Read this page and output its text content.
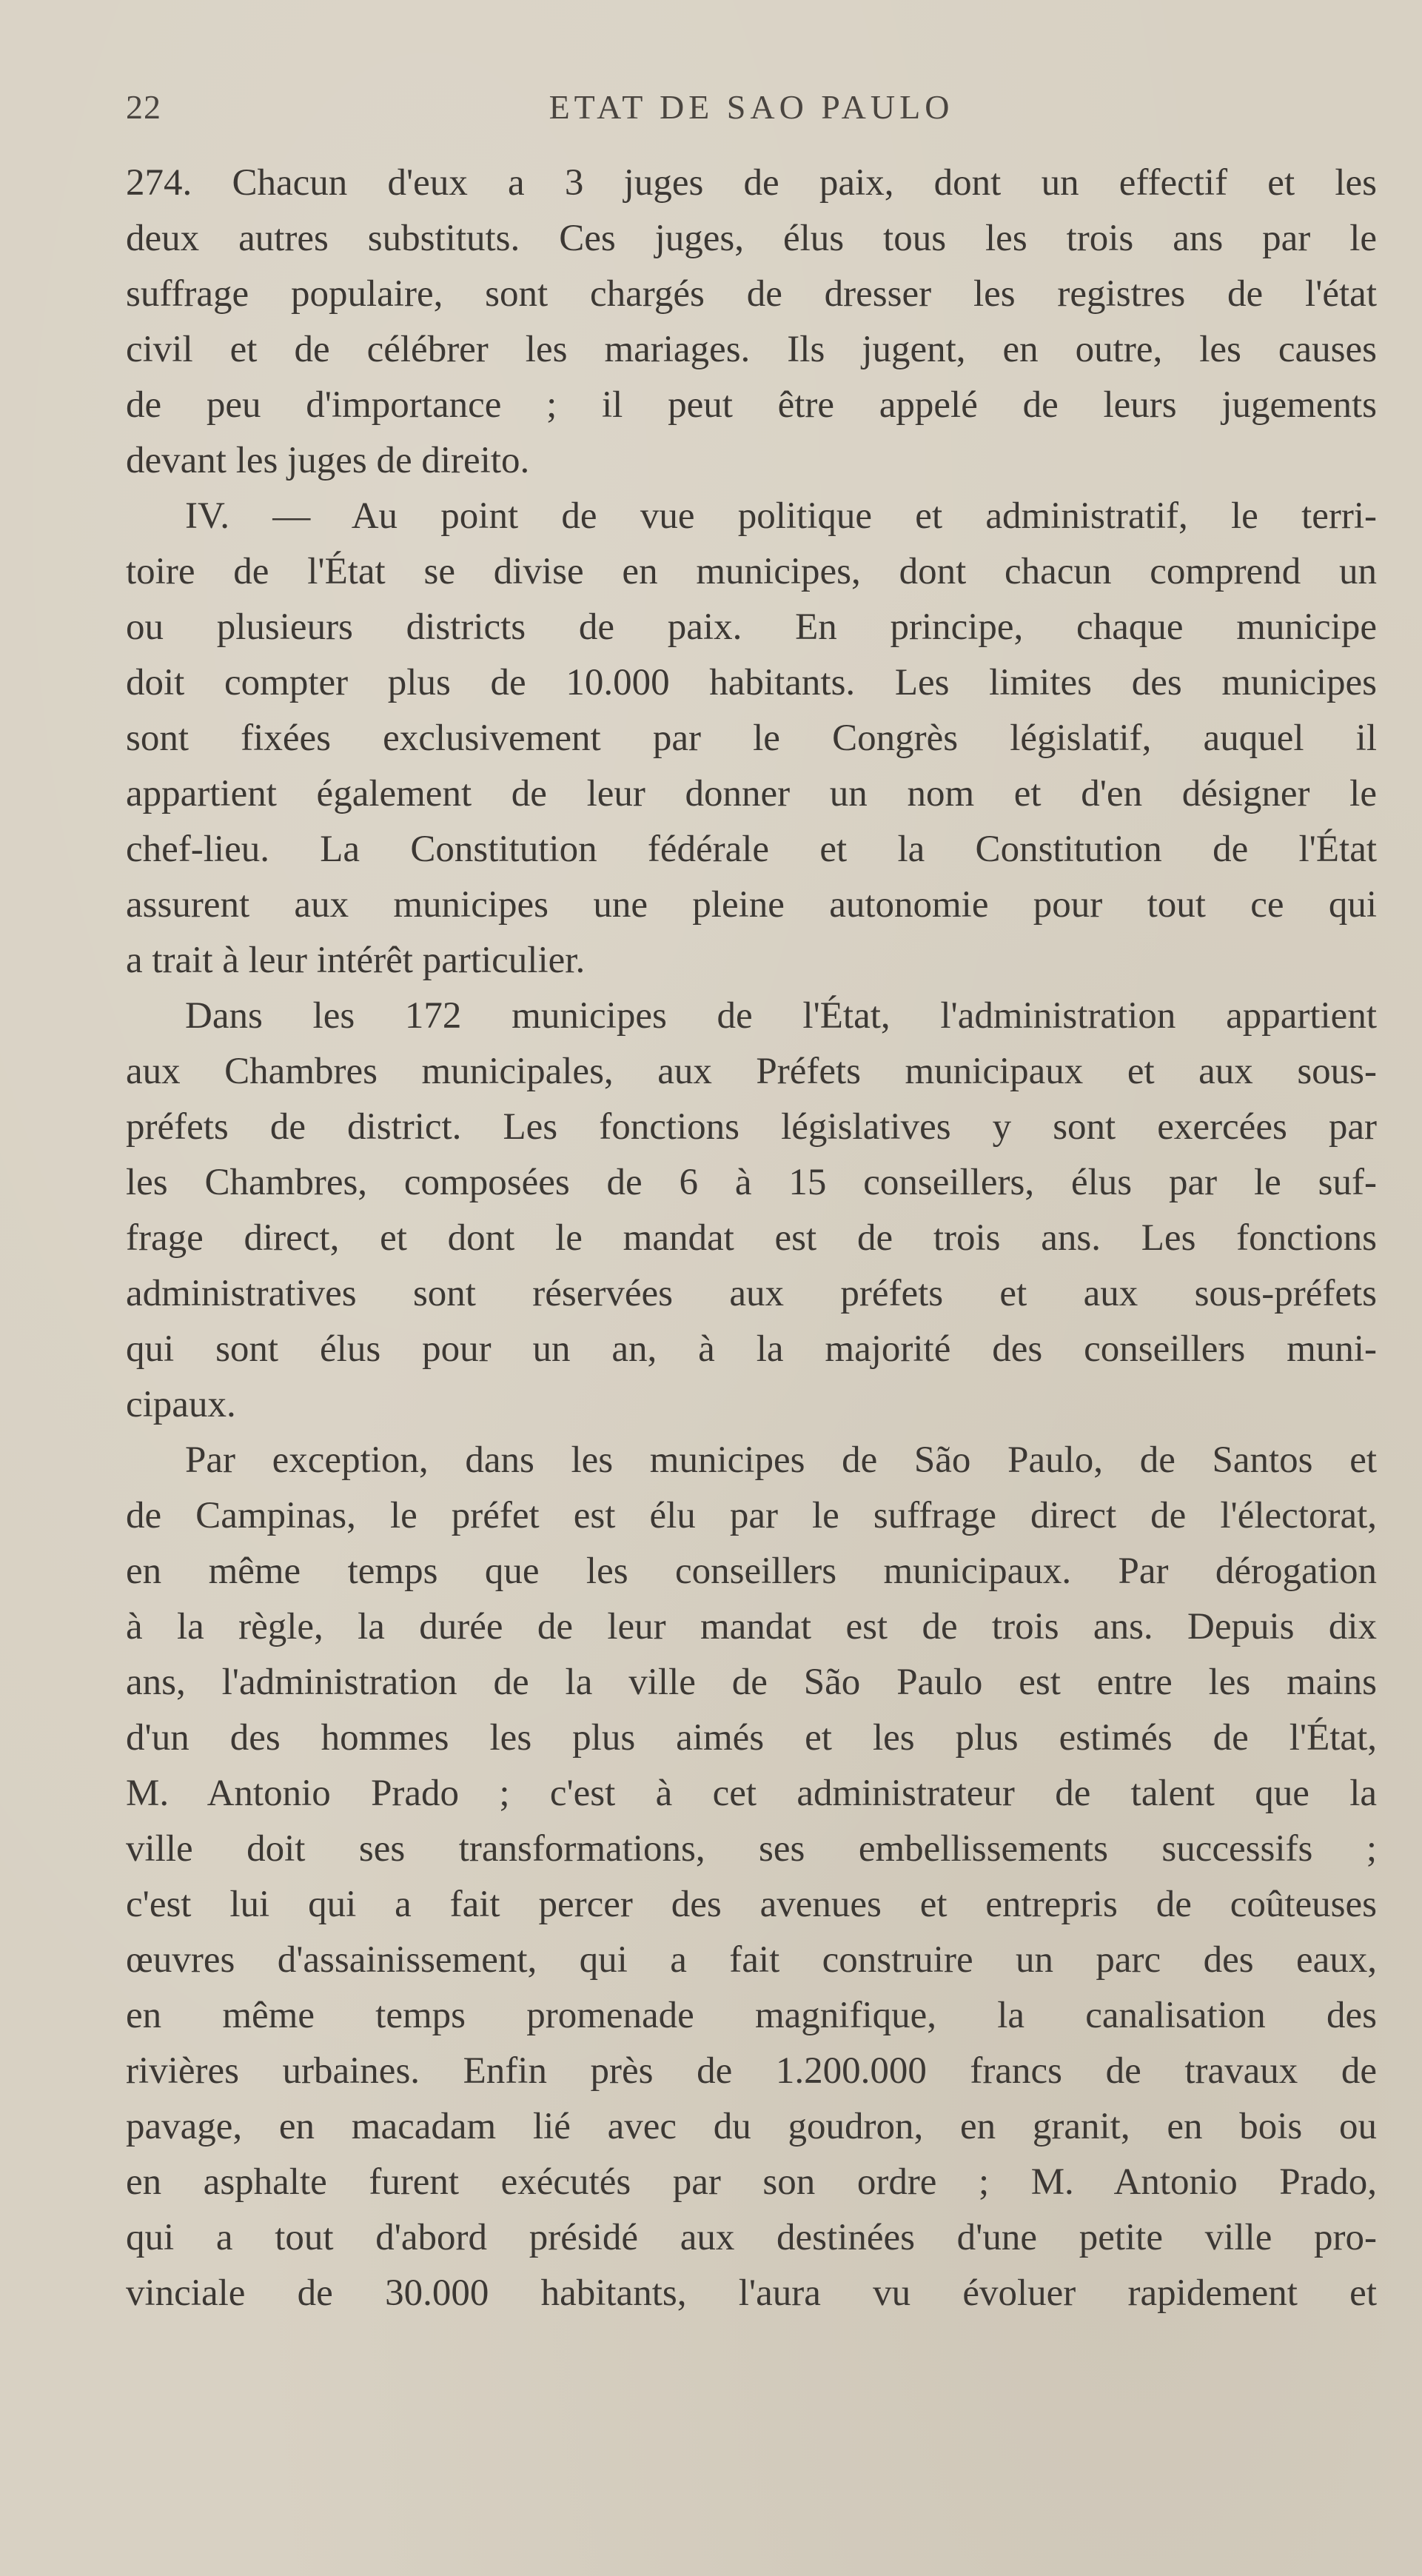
22	ETAT DE SAO PAULO
274. Chacun d'eux a 3 juges de paix, dont un effectif et les
deux autres substituts. Ces juges, élus tous les trois ans par le
suffrage populaire, sont chargés de dresser les registres de l'état
civil et de célébrer les mariages. Ils jugent, en outre, les causes
de peu d'importance ; il peut être appelé de leurs jugements
devant les juges de direito.
IV. — Au point de vue politique et administratif, le terri-
toire de l'État se divise en municipes, dont chacun comprend un
ou plusieurs districts de paix. En principe, chaque municipe
doit compter plus de 10.000 habitants. Les limites des municipes
sont fixées exclusivement par le Congrès législatif, auquel il
appartient également de leur donner un nom et d'en désigner le
chef-lieu. La Constitution fédérale et la Constitution de l'État
assurent aux municipes une pleine autonomie pour tout ce qui
a trait à leur intérêt particulier.
Dans les 172 municipes de l'État, l'administration appartient
aux Chambres municipales, aux Préfets municipaux et aux sous-
préfets de district. Les fonctions législatives y sont exercées par
les Chambres, composées de 6 à 15 conseillers, élus par le suf-
frage direct, et dont le mandat est de trois ans. Les fonctions
administratives sont réservées aux préfets et aux sous-préfets
qui sont élus pour un an, à la majorité des conseillers muni-
cipaux.
Par exception, dans les municipes de São Paulo, de Santos et
de Campinas, le préfet est élu par le suffrage direct de l'électorat,
en même temps que les conseillers municipaux. Par dérogation
à la règle, la durée de leur mandat est de trois ans. Depuis dix
ans, l'administration de la ville de São Paulo est entre les mains
d'un des hommes les plus aimés et les plus estimés de l'État,
M. Antonio Prado ; c'est à cet administrateur de talent que la
ville doit ses transformations, ses embellissements successifs ;
c'est lui qui a fait percer des avenues et entrepris de coûteuses
œuvres d'assainissement, qui a fait construire un parc des eaux,
en même temps promenade magnifique, la canalisation des
rivières urbaines. Enfin près de 1.200.000 francs de travaux de
pavage, en macadam lié avec du goudron, en granit, en bois ou
en asphalte furent exécutés par son ordre ; M. Antonio Prado,
qui a tout d'abord présidé aux destinées d'une petite ville pro-
vinciale de 30.000 habitants, l'aura vu évoluer rapidement et
